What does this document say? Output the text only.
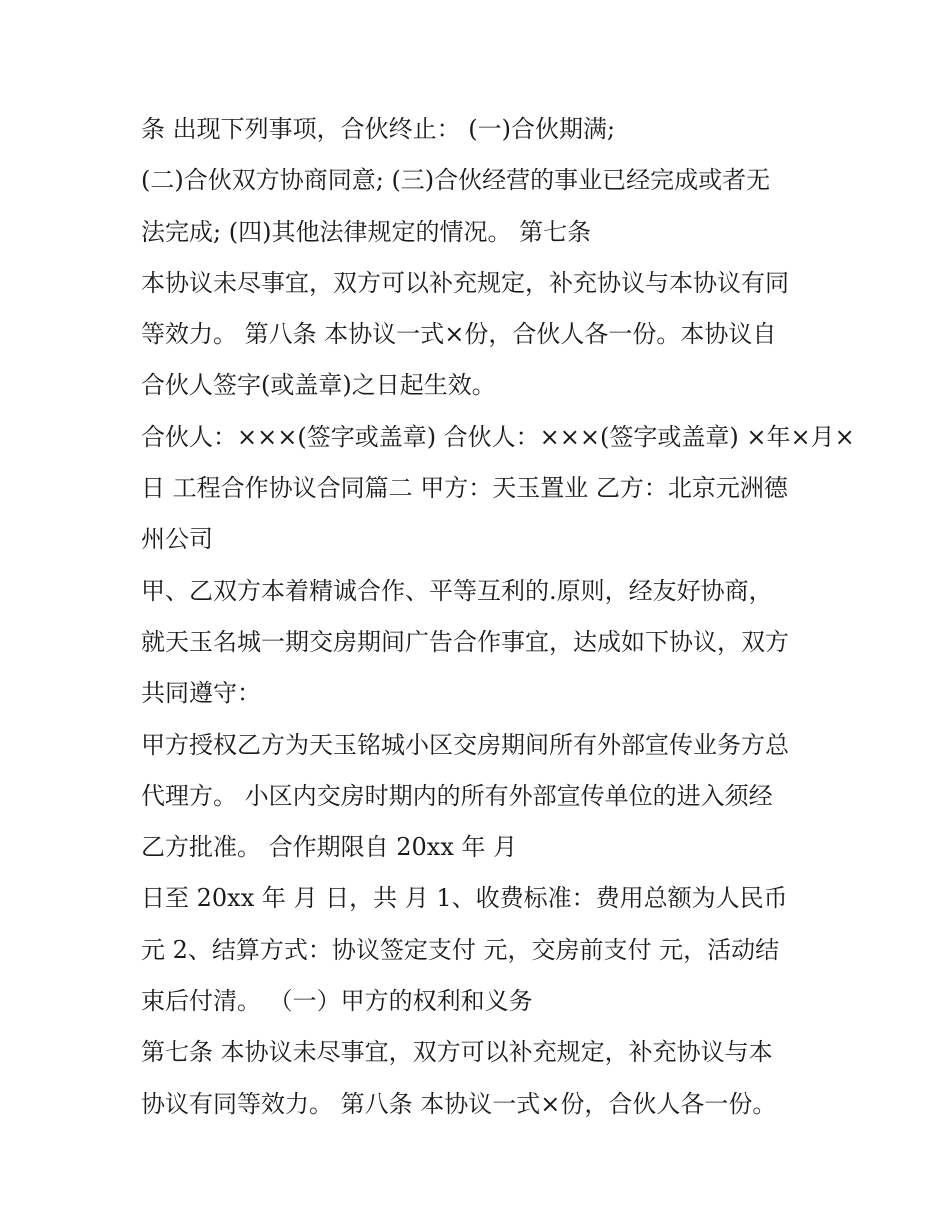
条 出现下列事项，合伙终止： (一)合伙期满;
(二)合伙双方协商同意; (三)合伙经营的事业已经完成或者无
法完成; (四)其他法律规定的情况。 第七条
本协议未尽事宜，双方可以补充规定，补充协议与本协议有同
等效力。 第八条 本协议一式×份，合伙人各一份。本协议自
合伙人签字(或盖章)之日起生效。
合伙人：×××(签字或盖章) 合伙人：×××(签字或盖章) ×年×月×
日 工程合作协议合同篇二 甲方：天玉置业 乙方：北京元洲德
州公司
甲、乙双方本着精诚合作、平等互利的.原则，经友好协商，
就天玉名城一期交房期间广告合作事宜，达成如下协议，双方
共同遵守：
甲方授权乙方为天玉铭城小区交房期间所有外部宣传业务方总
代理方。 小区内交房时期内的所有外部宣传单位的进入须经
乙方批准。 合作期限自 20xx 年 月
日至 20xx 年 月 日，共 月 1、收费标准：费用总额为人民币
元 2、结算方式：协议签定支付 元，交房前支付 元，活动结
束后付清。 （一）甲方的权利和义务
第七条 本协议未尽事宜，双方可以补充规定，补充协议与本
协议有同等效力。 第八条 本协议一式×份，合伙人各一份。
